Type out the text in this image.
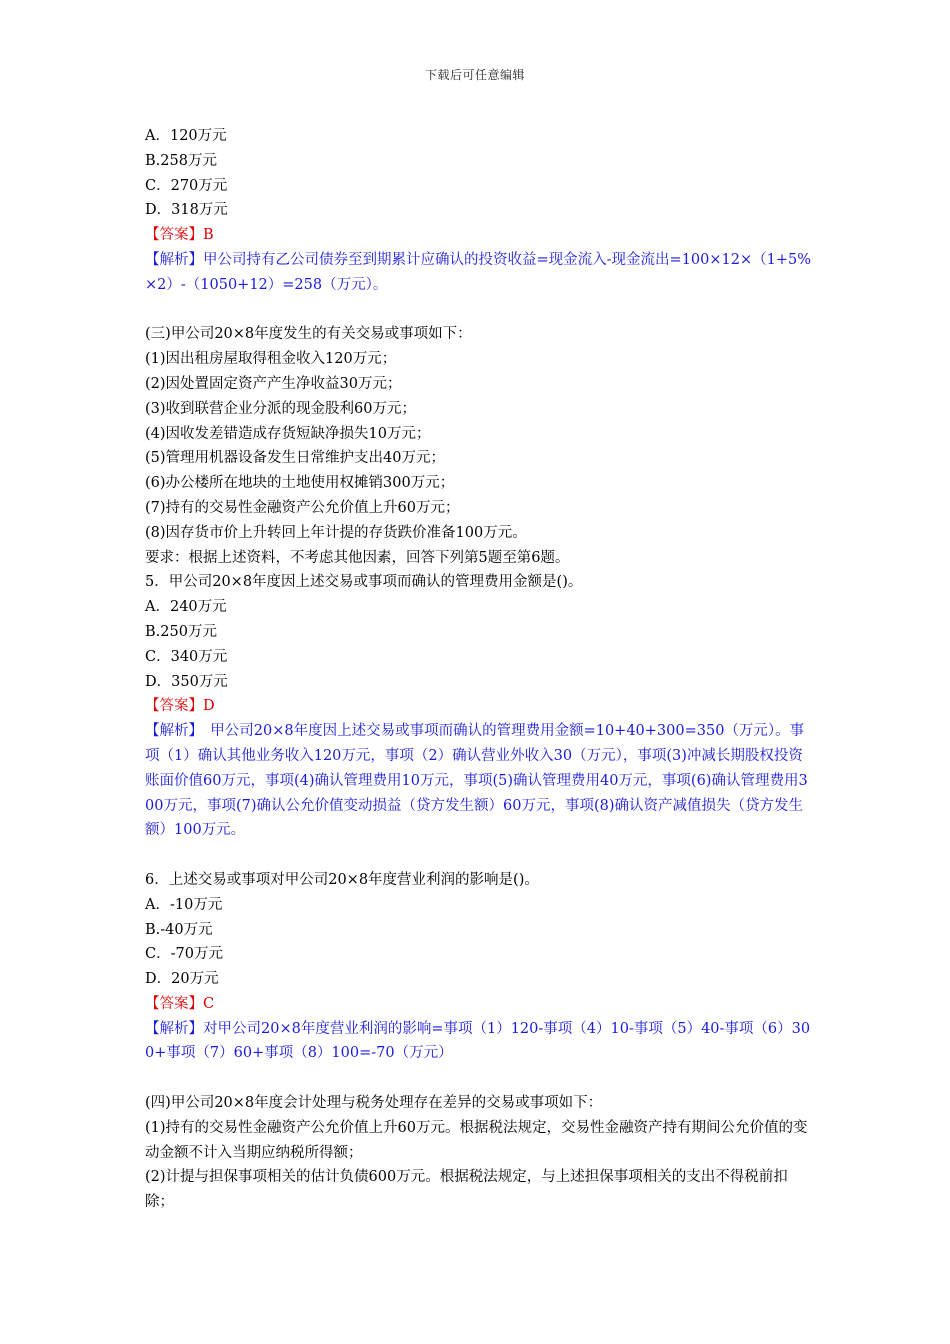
下载后可任意编辑

A．120万元

B.258万元

C．270万元

D．318万元

【答案】B

【解析】甲公司持有乙公司债券至到期累计应确认的投资收益=现金流入-现金流出=100×12×（1+5%×2）-（1050+12）=258（万元）。

(三)甲公司20×8年度发生的有关交易或事项如下：

(1)因出租房屋取得租金收入120万元；

(2)因处置固定资产产生净收益30万元；

(3)收到联营企业分派的现金股利60万元；

(4)因收发差错造成存货短缺净损失10万元；

(5)管理用机器设备发生日常维护支出40万元；

(6)办公楼所在地块的土地使用权摊销300万元；

(7)持有的交易性金融资产公允价值上升60万元；

(8)因存货市价上升转回上年计提的存货跌价准备100万元。

要求：根据上述资料，不考虑其他因素，回答下列第5题至第6题。

5．甲公司20×8年度因上述交易或事项而确认的管理费用金额是()。

A．240万元

B.250万元

C．340万元

D．350万元

【答案】D

【解析】　甲公司20×8年度因上述交易或事项而确认的管理费用金额=10+40+300=350（万元）。事项（1）确认其他业务收入120万元，事项（2）确认营业外收入30（万元），事项(3)冲减长期股权投资账面价值60万元，事项(4)确认管理费用10万元，事项(5)确认管理费用40万元，事项(6)确认管理费用300万元，事项(7)确认公允价值变动损益（贷方发生额）60万元，事项(8)确认资产减值损失（贷方发生额）100万元。

6．上述交易或事项对甲公司20×8年度营业利润的影响是()。

A．-10万元

B.-40万元

C．-70万元

D．20万元

【答案】C

【解析】对甲公司20×8年度营业利润的影响=事项（1）120-事项（4）10-事项（5）40-事项（6）300+事项（7）60+事项（8）100=-70（万元）

(四)甲公司20×8年度会计处理与税务处理存在差异的交易或事项如下：

(1)持有的交易性金融资产公允价值上升60万元。根据税法规定，交易性金融资产持有期间公允价值的变动金额不计入当期应纳税所得额；

(2)计提与担保事项相关的估计负债600万元。根据税法规定，与上述担保事项相关的支出不得税前扣除；
